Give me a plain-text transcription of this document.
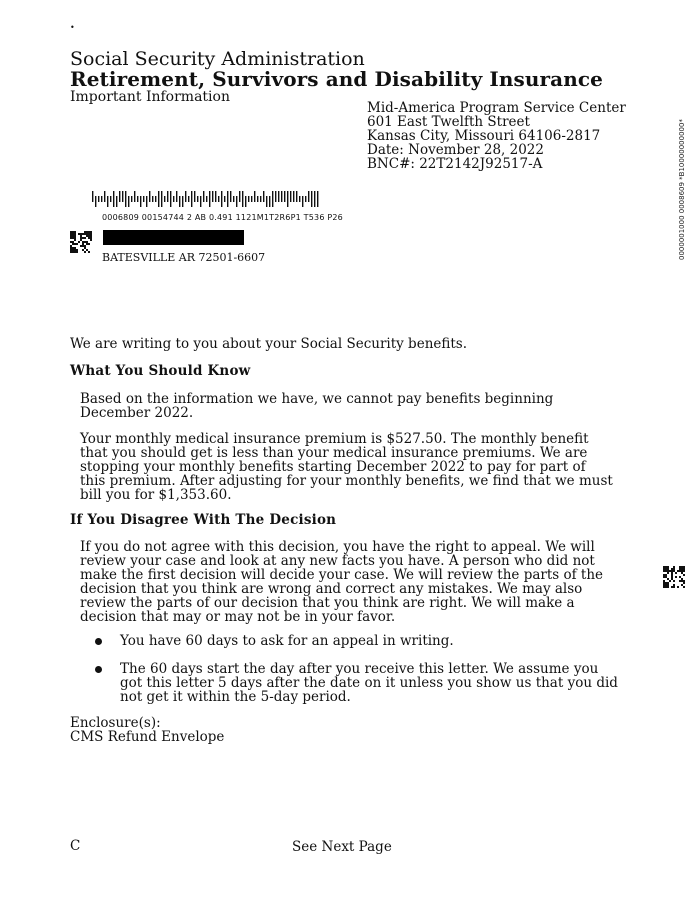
•
Social Security Administration
Retirement, Survivors and Disability Insurance
Important Information
Mid-America Program Service Center
601 East Twelfth Street
Kansas City, Missouri 64106-2817
Date: November 28, 2022
BNC#: 22T2142J92517-A
0006809 00154744 2 AB 0.491 1121M1T2R6P1 T536 P26
BATESVILLE AR 72501-6607	0000001000 0008609 *B10000000000*
We are writing to you about your Social Security benefits.
What You Should Know
Based on the information we have, we cannot pay benefits beginning December 2022.
Your monthly medical insurance premium is $527.50. The monthly benefit that you should get is less than your medical insurance premiums. We are stopping your monthly benefits starting December 2022 to pay for part of this premium. After adjusting for your monthly benefits, we find that we must bill you for $1,353.60.
If You Disagree With The Decision
If you do not agree with this decision, you have the right to appeal. We will review your case and look at any new facts you have. A person who did not make the first decision will decide your case. We will review the parts of the decision that you think are wrong and correct any mistakes. We may also review the parts of our decision that you think are right. We will make a decision that may or may not be in your favor.
You have 60 days to ask for an appeal in writing.
The 60 days start the day after you receive this letter. We assume you got this letter 5 days after the date on it unless you show us that you did not get it within the 5-day period.
Enclosure(s):
CMS Refund Envelope
C	See Next Page
